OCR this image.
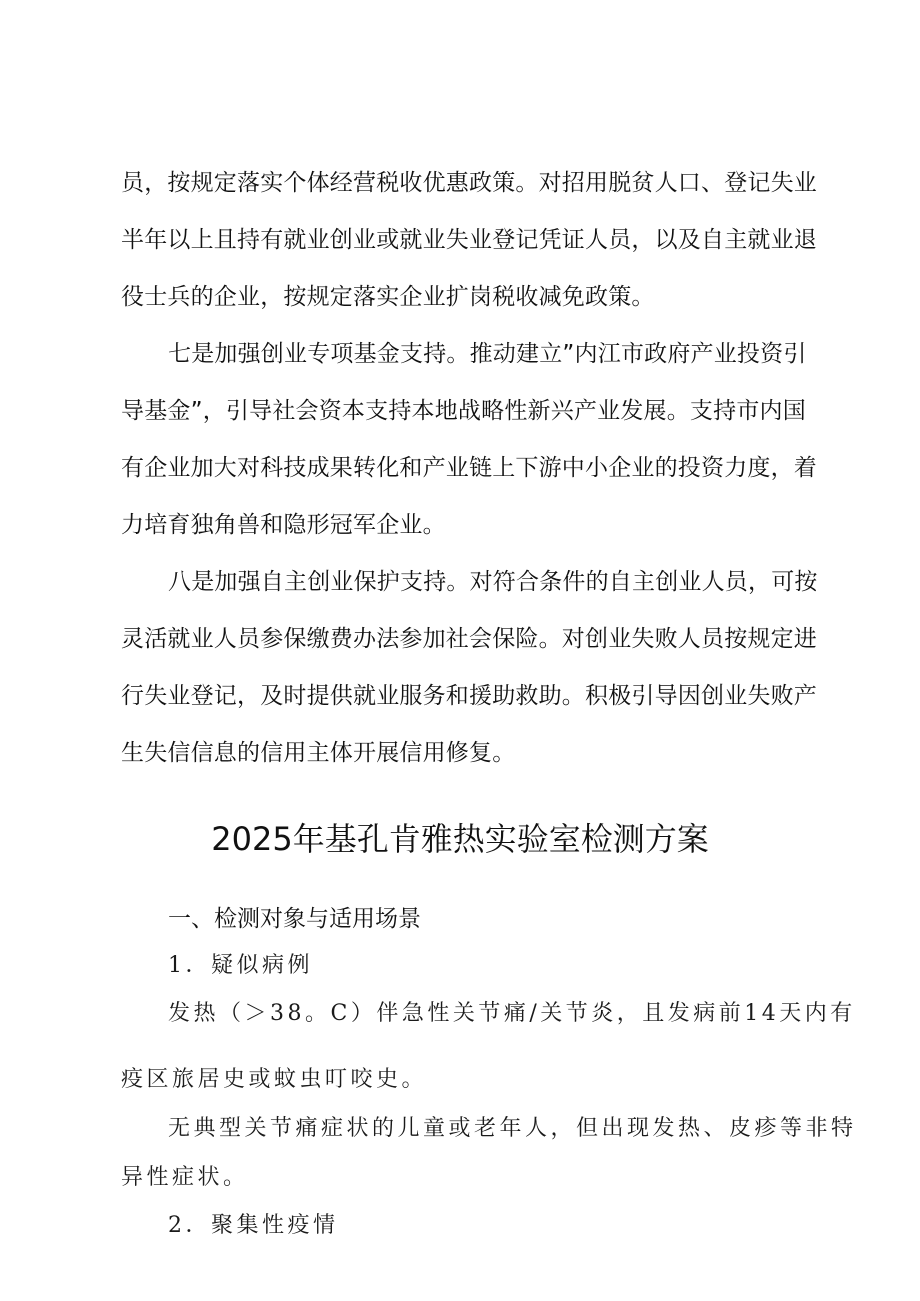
员，按规定落实个体经营税收优惠政策。对招用脱贫人口、登记失业
半年以上且持有就业创业或就业失业登记凭证人员，以及自主就业退
役士兵的企业，按规定落实企业扩岗税收减免政策。
七是加强创业专项基金支持。推动建立”内江市政府产业投资引
导基金”，引导社会资本支持本地战略性新兴产业发展。支持市内国
有企业加大对科技成果转化和产业链上下游中小企业的投资力度，着
力培育独角兽和隐形冠军企业。
八是加强自主创业保护支持。对符合条件的自主创业人员，可按
灵活就业人员参保缴费办法参加社会保险。对创业失败人员按规定进
行失业登记，及时提供就业服务和援助救助。积极引导因创业失败产
生失信信息的信用主体开展信用修复。
2025年基孔肯雅热实验室检测方案
一、检测对象与适用场景
1．疑似病例
发热（＞38。C）伴急性关节痛/关节炎，且发病前14天内有
疫区旅居史或蚊虫叮咬史。
无典型关节痛症状的儿童或老年人，但出现发热、皮疹等非特
异性症状。
2．聚集性疫情
